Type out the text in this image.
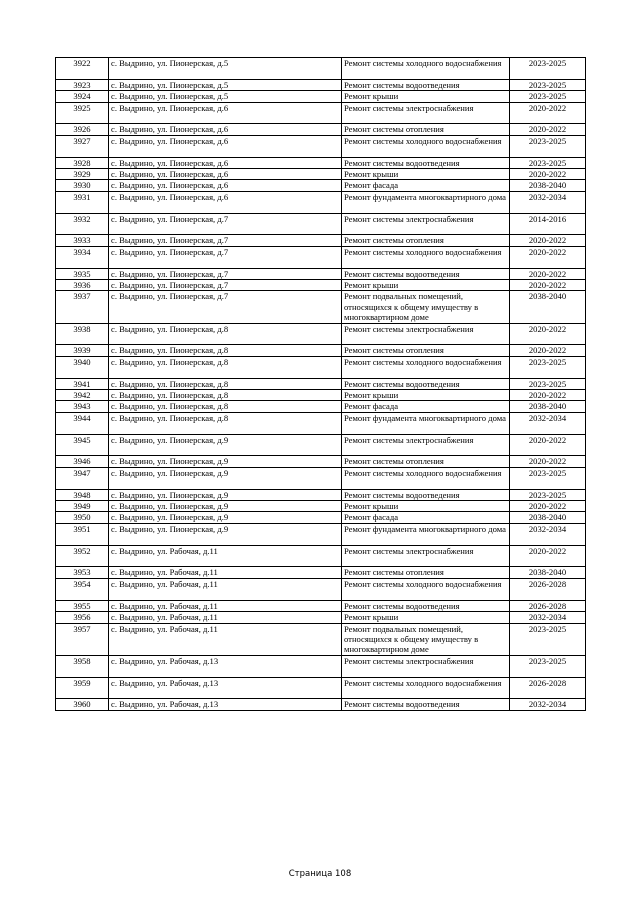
3922	с. Выдрино, ул. Пионерская, д.5	Ремонт системы холодного водоснабжения	2023-2025
3923	с. Выдрино, ул. Пионерская, д.5	Ремонт системы водоотведения	2023-2025
3924	с. Выдрино, ул. Пионерская, д.5	Ремонт крыши	2023-2025
3925	с. Выдрино, ул. Пионерская, д.6	Ремонт системы электроснабжения	2020-2022
3926	с. Выдрино, ул. Пионерская, д.6	Ремонт системы отопления	2020-2022
3927	с. Выдрино, ул. Пионерская, д.6	Ремонт системы холодного водоснабжения	2023-2025
3928	с. Выдрино, ул. Пионерская, д.6	Ремонт системы водоотведения	2023-2025
3929	с. Выдрино, ул. Пионерская, д.6	Ремонт крыши	2020-2022
3930	с. Выдрино, ул. Пионерская, д.6	Ремонт фасада	2038-2040
3931	с. Выдрино, ул. Пионерская, д.6	Ремонт фундамента многоквартирного дома	2032-2034
3932	с. Выдрино, ул. Пионерская, д.7	Ремонт системы электроснабжения	2014-2016
3933	с. Выдрино, ул. Пионерская, д.7	Ремонт системы отопления	2020-2022
3934	с. Выдрино, ул. Пионерская, д.7	Ремонт системы холодного водоснабжения	2020-2022
3935	с. Выдрино, ул. Пионерская, д.7	Ремонт системы водоотведения	2020-2022
3936	с. Выдрино, ул. Пионерская, д.7	Ремонт крыши	2020-2022
3937	с. Выдрино, ул. Пионерская, д.7	Ремонт подвальных помещений, относящихся к общему имуществу в многоквартирном доме	2038-2040
3938	с. Выдрино, ул. Пионерская, д.8	Ремонт системы электроснабжения	2020-2022
3939	с. Выдрино, ул. Пионерская, д.8	Ремонт системы отопления	2020-2022
3940	с. Выдрино, ул. Пионерская, д.8	Ремонт системы холодного водоснабжения	2023-2025
3941	с. Выдрино, ул. Пионерская, д.8	Ремонт системы водоотведения	2023-2025
3942	с. Выдрино, ул. Пионерская, д.8	Ремонт крыши	2020-2022
3943	с. Выдрино, ул. Пионерская, д.8	Ремонт фасада	2038-2040
3944	с. Выдрино, ул. Пионерская, д.8	Ремонт фундамента многоквартирного дома	2032-2034
3945	с. Выдрино, ул. Пионерская, д.9	Ремонт системы электроснабжения	2020-2022
3946	с. Выдрино, ул. Пионерская, д.9	Ремонт системы отопления	2020-2022
3947	с. Выдрино, ул. Пионерская, д.9	Ремонт системы холодного водоснабжения	2023-2025
3948	с. Выдрино, ул. Пионерская, д.9	Ремонт системы водоотведения	2023-2025
3949	с. Выдрино, ул. Пионерская, д.9	Ремонт крыши	2020-2022
3950	с. Выдрино, ул. Пионерская, д.9	Ремонт фасада	2038-2040
3951	с. Выдрино, ул. Пионерская, д.9	Ремонт фундамента многоквартирного дома	2032-2034
3952	с. Выдрино, ул. Рабочая, д.11	Ремонт системы электроснабжения	2020-2022
3953	с. Выдрино, ул. Рабочая, д.11	Ремонт системы отопления	2038-2040
3954	с. Выдрино, ул. Рабочая, д.11	Ремонт системы холодного водоснабжения	2026-2028
3955	с. Выдрино, ул. Рабочая, д.11	Ремонт системы водоотведения	2026-2028
3956	с. Выдрино, ул. Рабочая, д.11	Ремонт крыши	2032-2034
3957	с. Выдрино, ул. Рабочая, д.11	Ремонт подвальных помещений, относящихся к общему имуществу в многоквартирном доме	2023-2025
3958	с. Выдрино, ул. Рабочая, д.13	Ремонт системы электроснабжения	2023-2025
3959	с. Выдрино, ул. Рабочая, д.13	Ремонт системы холодного водоснабжения	2026-2028
3960	с. Выдрино, ул. Рабочая, д.13	Ремонт системы водоотведения	2032-2034
Страница 108
